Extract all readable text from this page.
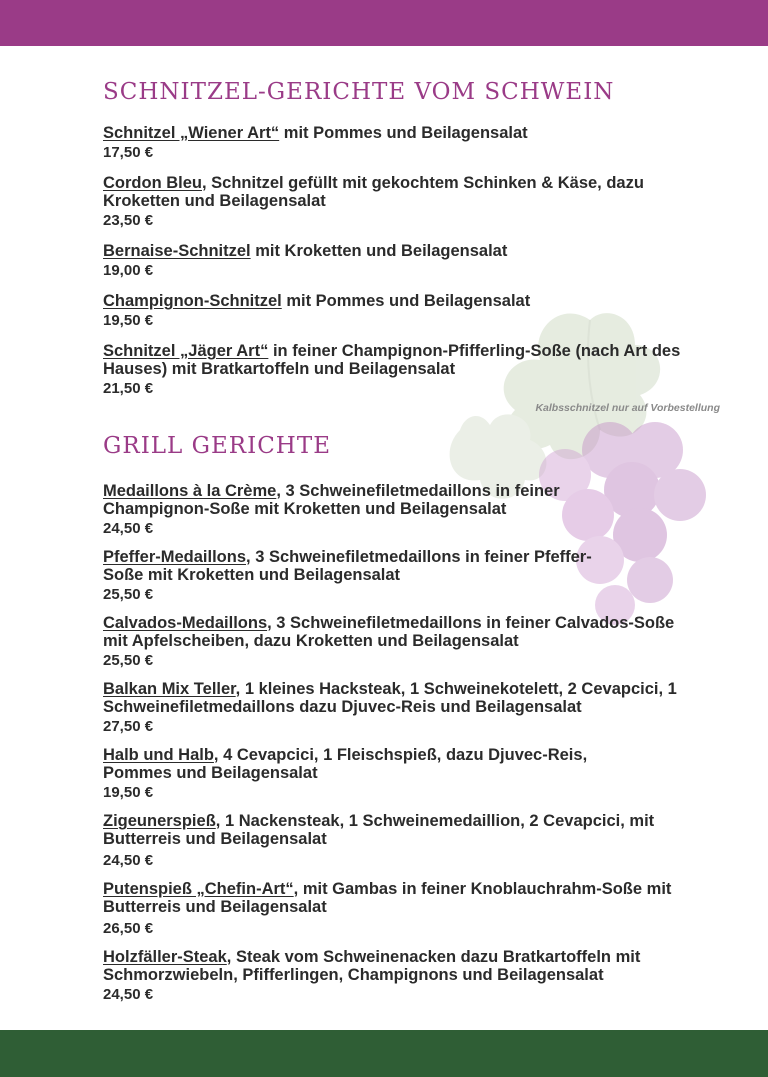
SCHNITZEL-GERICHTE VOM SCHWEIN
Schnitzel „Wiener Art“ mit Pommes und Beilagensalat
17,50 €
Cordon Bleu, Schnitzel gefüllt mit gekochtem Schinken & Käse, dazu Kroketten und Beilagensalat
23,50 €
Bernaise-Schnitzel mit Kroketten und Beilagensalat
19,00 €
Champignon-Schnitzel mit Pommes und Beilagensalat
19,50 €
Schnitzel „Jäger Art“ in feiner Champignon-Pfifferling-Soße (nach Art des Hauses) mit Bratkartoffeln und Beilagensalat
21,50 €
Kalbsschnitzel nur auf Vorbestellung
GRILL GERICHTE
Medaillons à la Crème, 3 Schweinefiletmedaillons in feiner Champignon-Soße mit Kroketten und Beilagensalat
24,50 €
Pfeffer-Medaillons, 3 Schweinefiletmedaillons in feiner Pfeffer-Soße mit Kroketten und Beilagensalat
25,50 €
Calvados-Medaillons, 3 Schweinefiletmedaillons in feiner Calvados-Soße mit Apfelscheiben, dazu Kroketten und Beilagensalat
25,50 €
Balkan Mix Teller, 1 kleines Hacksteak, 1 Schweinekotelett, 2 Cevapcici, 1 Schweinefiletmedaillons dazu Djuvec-Reis und Beilagensalat
27,50 €
Halb und Halb, 4 Cevapcici, 1 Fleischspieß, dazu Djuvec-Reis, Pommes und Beilagensalat
19,50 €
Zigeunerspieß, 1 Nackensteak, 1 Schweinemedaillion, 2 Cevapcici, mit Butterreis und Beilagensalat
24,50 €
Putenspieß „Chefin-Art“, mit Gambas in feiner Knoblauchrahm-Soße mit Butterreis und Beilagensalat
26,50 €
Holzfäller-Steak, Steak vom Schweinenacken dazu Bratkartoffeln mit Schmorzwiebeln, Pfifferlingen, Champignons und Beilagensalat
24,50 €
